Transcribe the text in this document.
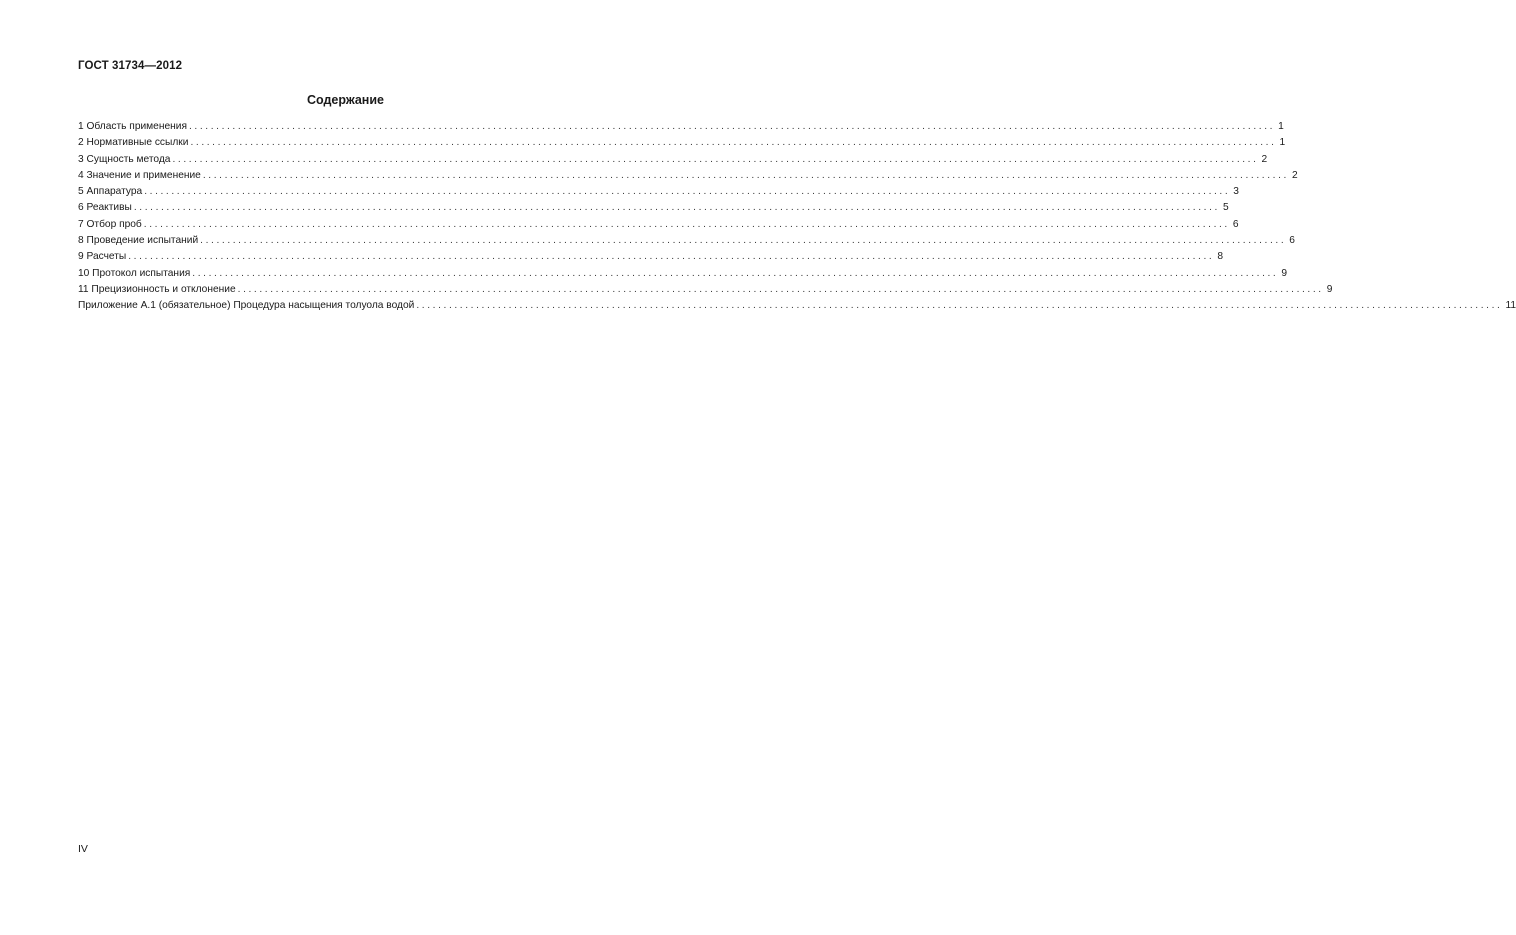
ГОСТ 31734—2012
Содержание
1 Область применения ........................................................................................................................................................................................................ 1
2 Нормативные ссылки ........................................................................................................................................................................................................ 1
3 Сущность метода ........................................................................................................................................................................................................ 2
4 Значение и применение ........................................................................................................................................................................................................ 2
5 Аппаратура ........................................................................................................................................................................................................ 3
6 Реактивы ........................................................................................................................................................................................................ 5
7 Отбор проб ........................................................................................................................................................................................................ 6
8 Проведение испытаний ........................................................................................................................................................................................................ 6
9 Расчеты ........................................................................................................................................................................................................ 8
10 Протокол испытания ........................................................................................................................................................................................................ 9
11 Прецизионность и отклонение ........................................................................................................................................................................................................ 9
Приложение А.1 (обязательное) Процедура насыщения толуола водой ........................................................................................................................................................................................................ 11
IV
